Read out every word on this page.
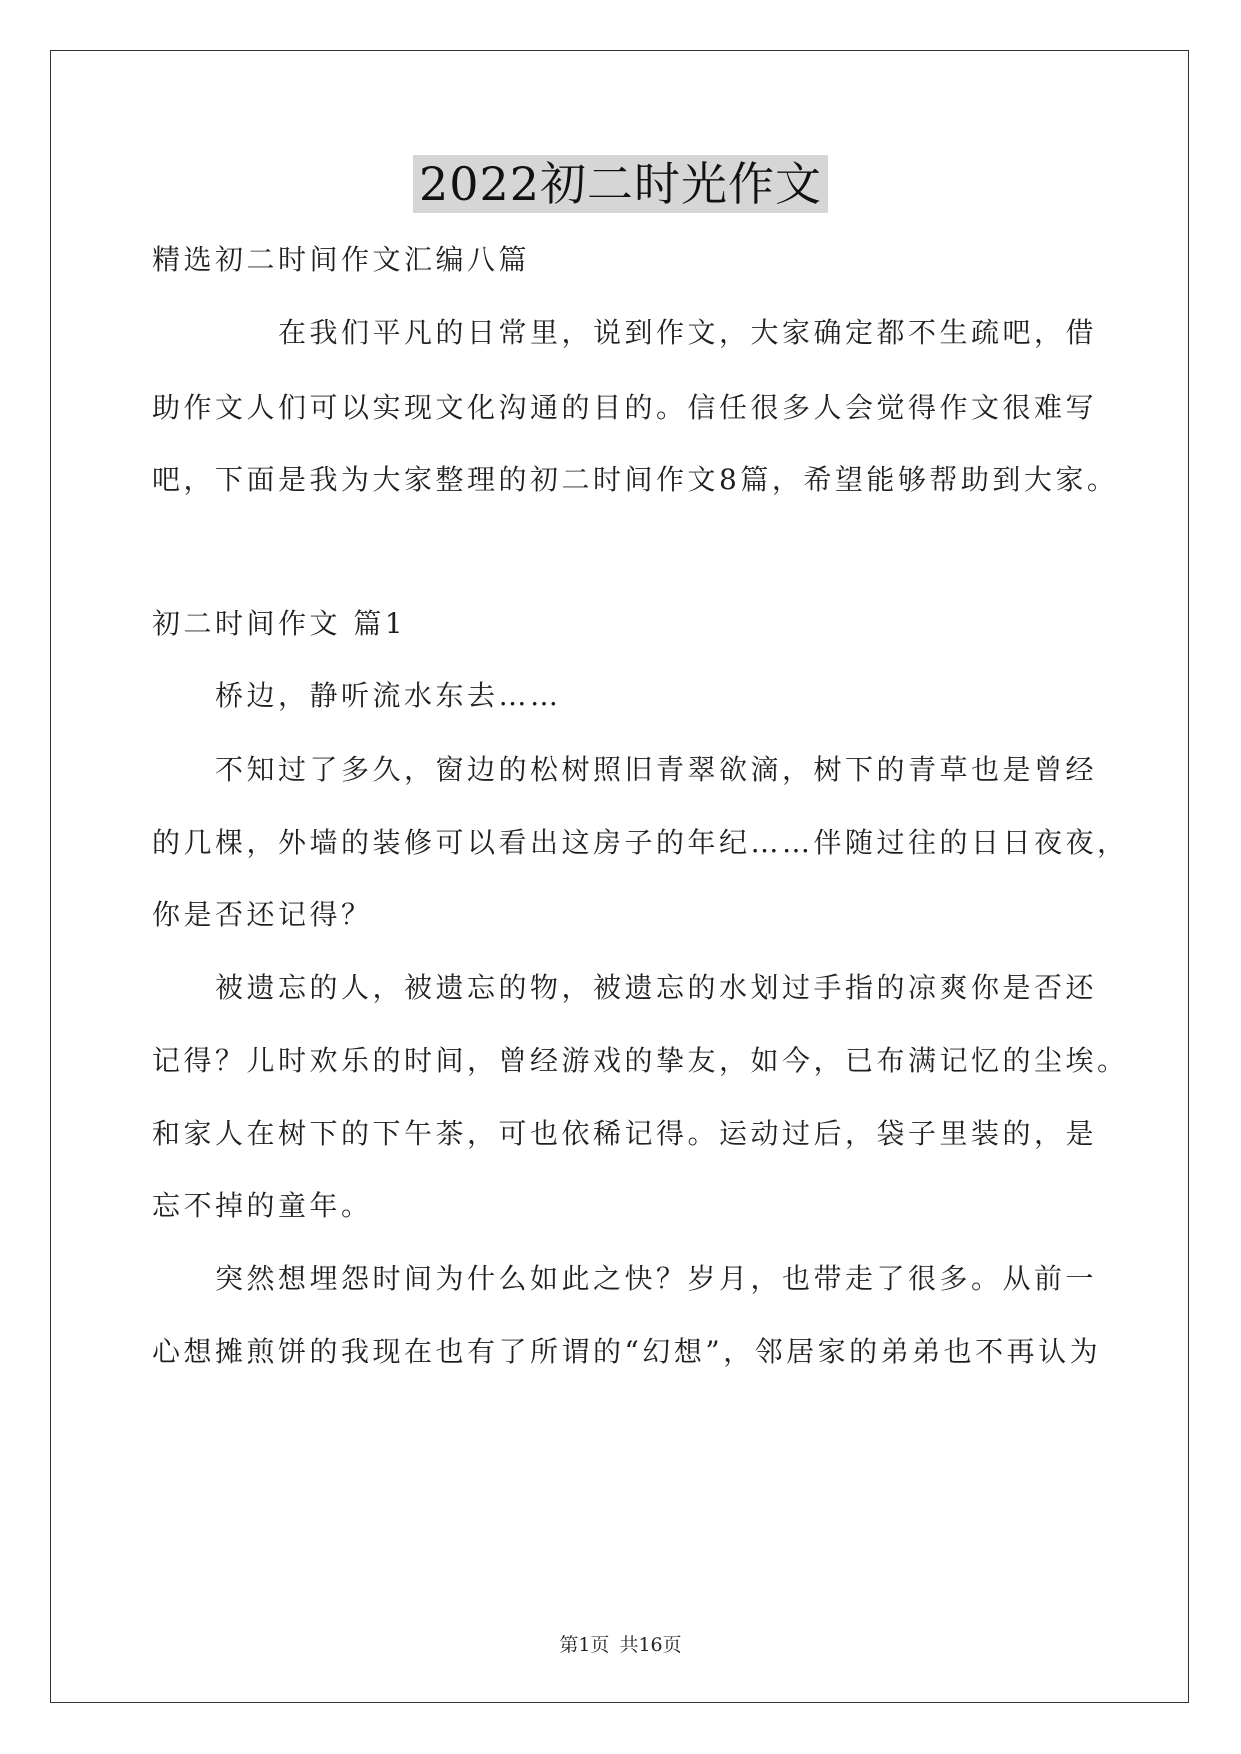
2022初二时光作文
精选初二时间作文汇编八篇
在我们平凡的日常里，说到作文，大家确定都不生疏吧，借
助作文人们可以实现文化沟通的目的。信任很多人会觉得作文很难写
吧，下面是我为大家整理的初二时间作文8篇，希望能够帮助到大家。
初二时间作文 篇1
桥边，静听流水东去……
不知过了多久，窗边的松树照旧青翠欲滴，树下的青草也是曾经
的几棵，外墙的装修可以看出这房子的年纪……伴随过往的日日夜夜，
你是否还记得？
被遗忘的人，被遗忘的物，被遗忘的水划过手指的凉爽你是否还
记得？儿时欢乐的时间，曾经游戏的挚友，如今，已布满记忆的尘埃。
和家人在树下的下午茶，可也依稀记得。运动过后，袋子里装的，是
忘不掉的童年。
突然想埋怨时间为什么如此之快？岁月，也带走了很多。从前一
心想摊煎饼的我现在也有了所谓的“幻想”，邻居家的弟弟也不再认为
第1页 共16页
